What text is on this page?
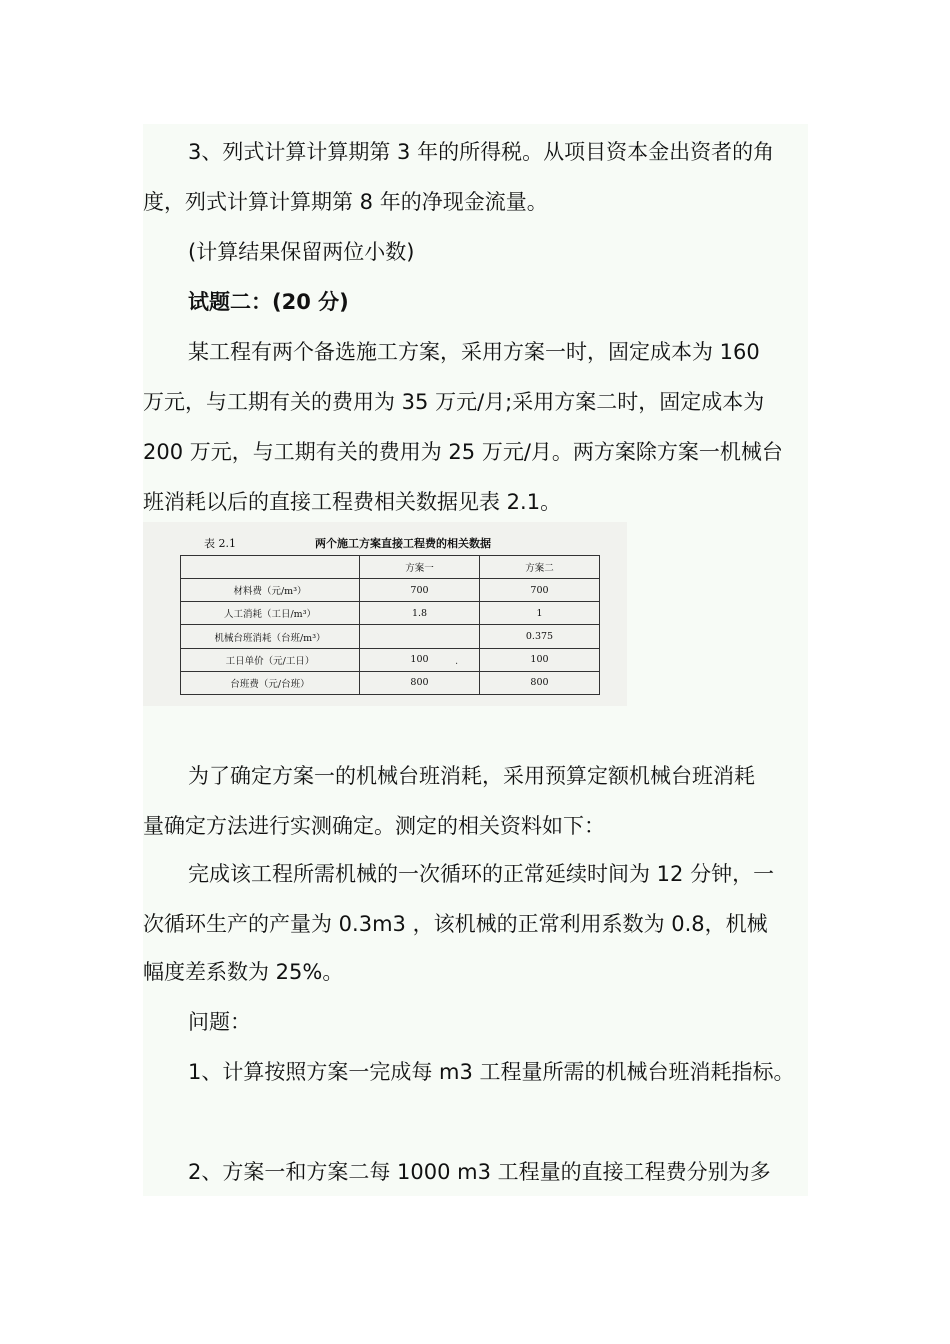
3、列式计算计算期第 3 年的所得税。从项目资本金出资者的角
度，列式计算计算期第 8 年的净现金流量。
(计算结果保留两位小数)
试题二：(20 分)
某工程有两个备选施工方案，采用方案一时，固定成本为 160
万元，与工期有关的费用为 35 万元/月;采用方案二时，固定成本为
200 万元，与工期有关的费用为 25 万元/月。两方案除方案一机械台
班消耗以后的直接工程费相关数据见表 2.1。
表 2.1	两个施工方案直接工程费的相关数据
	方案一	方案二
材料费（元/m³）	700	700
人工消耗（工日/m³）	1.8	1
机械台班消耗（台班/m³）		0.375
工日单价（元/工日）	100	100
台班费（元/台班）	800	800
·
为了确定方案一的机械台班消耗，采用预算定额机械台班消耗
量确定方法进行实测确定。测定的相关资料如下：
完成该工程所需机械的一次循环的正常延续时间为 12 分钟，一
次循环生产的产量为 0.3m3 ，该机械的正常利用系数为 0.8，机械
幅度差系数为 25%。
问题：
1、计算按照方案一完成每 m3 工程量所需的机械台班消耗指标。
2、方案一和方案二每 1000 m3 工程量的直接工程费分别为多
